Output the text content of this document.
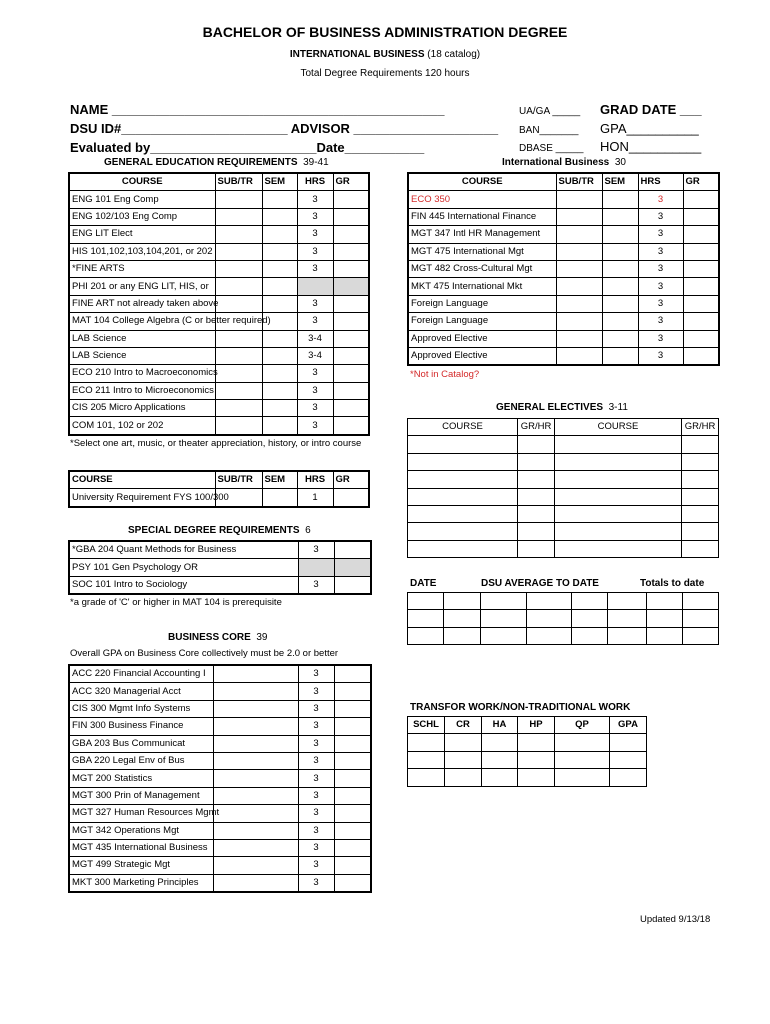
BACHELOR OF BUSINESS ADMINISTRATION DEGREE
INTERNATIONAL BUSINESS (18 catalog)
Total Degree Requirements 120 hours
NAME ______________________________________________
DSU ID#_______________________ ADVISOR ____________________
Evaluated by_______________________Date___________
UA/GA _____
BAN_______
DBASE _____
GRAD DATE ___
GPA__________
HON__________
GENERAL EDUCATION REQUIREMENTS 39-41
COURSE	SUB/TR	SEM	HRS	GR
ENG 101 Eng Comp			3	
ENG 102/103 Eng Comp			3	
ENG LIT Elect			3	
HIS 101,102,103,104,201, or 202			3	
*FINE ARTS			3	
PHI 201 or any ENG LIT, HIS, or				
FINE ART not already taken above			3	
MAT 104 College Algebra (C or better required)			3	
LAB Science			3-4	
LAB Science			3-4	
ECO 210 Intro to Macroeconomics			3	
ECO 211 Intro to Microeconomics			3	
CIS 205 Micro Applications			3	
COM 101, 102 or 202			3	
*Select one art, music, or theater appreciation, history, or intro course
COURSE	SUB/TR	SEM	HRS	GR
University Requirement FYS 100/300			1	
SPECIAL DEGREE REQUIREMENTS 6
*GBA 204 Quant Methods for Business	3	
PSY 101 Gen Psychology OR		
SOC 101 Intro to Sociology	3	
*a grade of 'C' or higher in MAT 104 is prerequisite
BUSINESS CORE 39
Overall GPA on Business Core collectively must be 2.0 or better
ACC 220 Financial Accounting I		3	
ACC 320 Managerial Acct		3	
CIS 300 Mgmt Info Systems		3	
FIN 300 Business Finance		3	
GBA 203 Bus Communicat		3	
GBA 220 Legal Env of Bus		3	
MGT 200 Statistics		3	
MGT 300 Prin of Management		3	
MGT 327 Human Resources Mgmt		3	
MGT 342 Operations Mgt		3	
MGT 435 International Business		3	
MGT 499 Strategic Mgt		3	
MKT 300 Marketing Principles		3	
International Business 30
COURSE	SUB/TR	SEM	HRS	GR
ECO 350			3	
FIN 445 International Finance			3	
MGT 347 Intl HR Management			3	
MGT 475 International Mgt			3	
MGT 482 Cross-Cultural Mgt			3	
MKT 475 International Mkt			3	
Foreign Language			3	
Foreign Language			3	
Approved Elective			3	
Approved Elective			3	
*Not in Catalog?
GENERAL ELECTIVES 3-11
COURSE	GR/HR	COURSE	GR/HR

DATE	DSU AVERAGE TO DATE	Totals to date

TRANSFOR WORK/NON-TRADITIONAL WORK
SCHL	CR	HA	HP	QP	GPA

Updated 9/13/18
